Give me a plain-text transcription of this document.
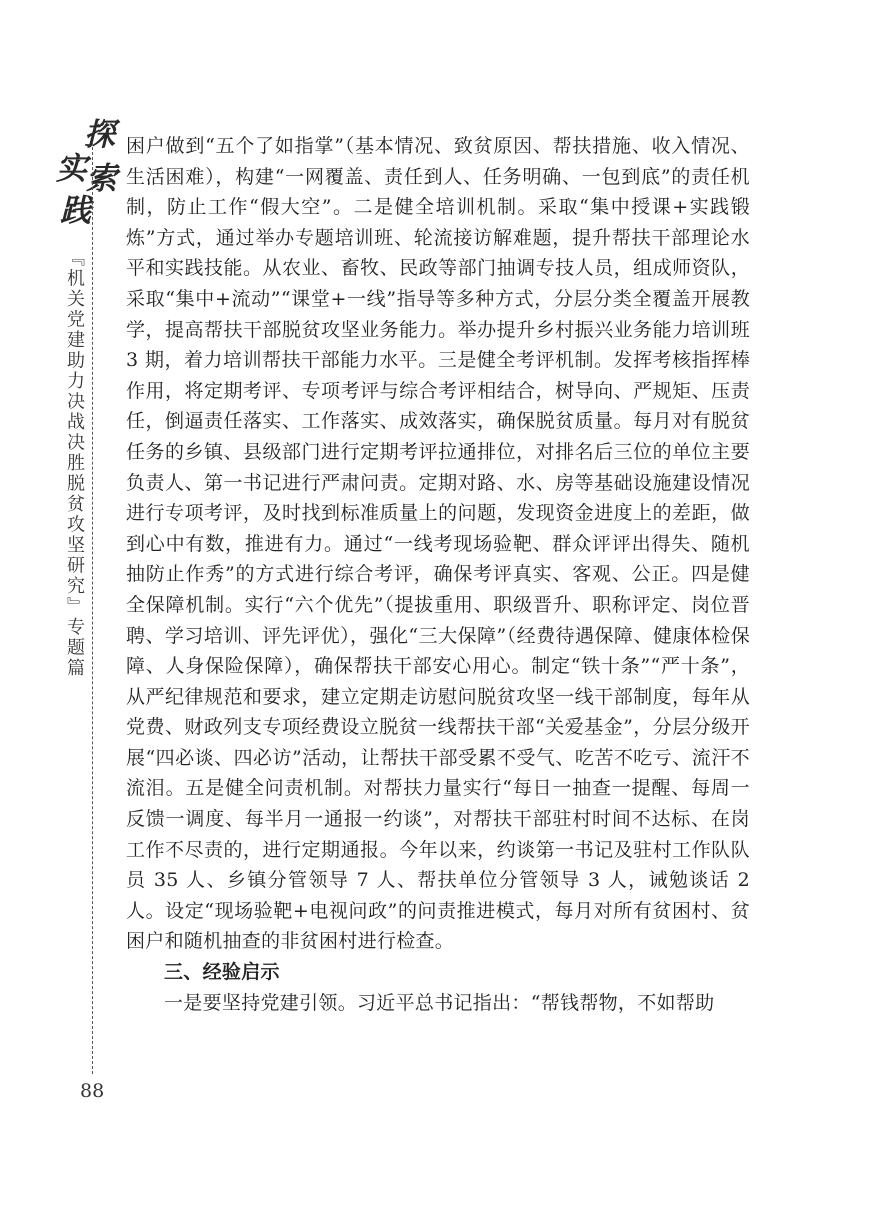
探
实 索
践
『机关党建助力决战决胜脱贫攻坚研究』专题篇
88

困户做到“五个了如指掌”（基本情况、致贫原因、帮扶措施、收入情况、生活困难），构建“一网覆盖、责任到人、任务明确、一包到底”的责任机制，防止工作“假大空”。二是健全培训机制。采取“集中授课+实践锻炼”方式，通过举办专题培训班、轮流接访解难题，提升帮扶干部理论水平和实践技能。从农业、畜牧、民政等部门抽调专技人员，组成师资队，采取“集中+流动”“课堂+一线”指导等多种方式，分层分类全覆盖开展教学，提高帮扶干部脱贫攻坚业务能力。举办提升乡村振兴业务能力培训班 3 期，着力培训帮扶干部能力水平。三是健全考评机制。发挥考核指挥棒作用，将定期考评、专项考评与综合考评相结合，树导向、严规矩、压责任，倒逼责任落实、工作落实、成效落实，确保脱贫质量。每月对有脱贫任务的乡镇、县级部门进行定期考评拉通排位，对排名后三位的单位主要负责人、第一书记进行严肃问责。定期对路、水、房等基础设施建设情况进行专项考评，及时找到标准质量上的问题，发现资金进度上的差距，做到心中有数，推进有力。通过“一线考现场验靶、群众评评出得失、随机抽防止作秀”的方式进行综合考评，确保考评真实、客观、公正。四是健全保障机制。实行“六个优先”（提拔重用、职级晋升、职称评定、岗位晋聘、学习培训、评先评优），强化“三大保障”（经费待遇保障、健康体检保障、人身保险保障），确保帮扶干部安心用心。制定“铁十条”“严十条”，从严纪律规范和要求，建立定期走访慰问脱贫攻坚一线干部制度，每年从党费、财政列支专项经费设立脱贫一线帮扶干部“关爱基金”，分层分级开展“四必谈、四必访”活动，让帮扶干部受累不受气、吃苦不吃亏、流汗不流泪。五是健全问责机制。对帮扶力量实行“每日一抽查一提醒、每周一反馈一调度、每半月一通报一约谈”，对帮扶干部驻村时间不达标、在岗工作不尽责的，进行定期通报。今年以来，约谈第一书记及驻村工作队队员 35 人、乡镇分管领导 7 人、帮扶单位分管领导 3 人，诫勉谈话 2 人。设定“现场验靶+电视问政”的问责推进模式，每月对所有贫困村、贫困户和随机抽查的非贫困村进行检查。

三、经验启示

一是要坚持党建引领。习近平总书记指出：“帮钱帮物，不如帮助
